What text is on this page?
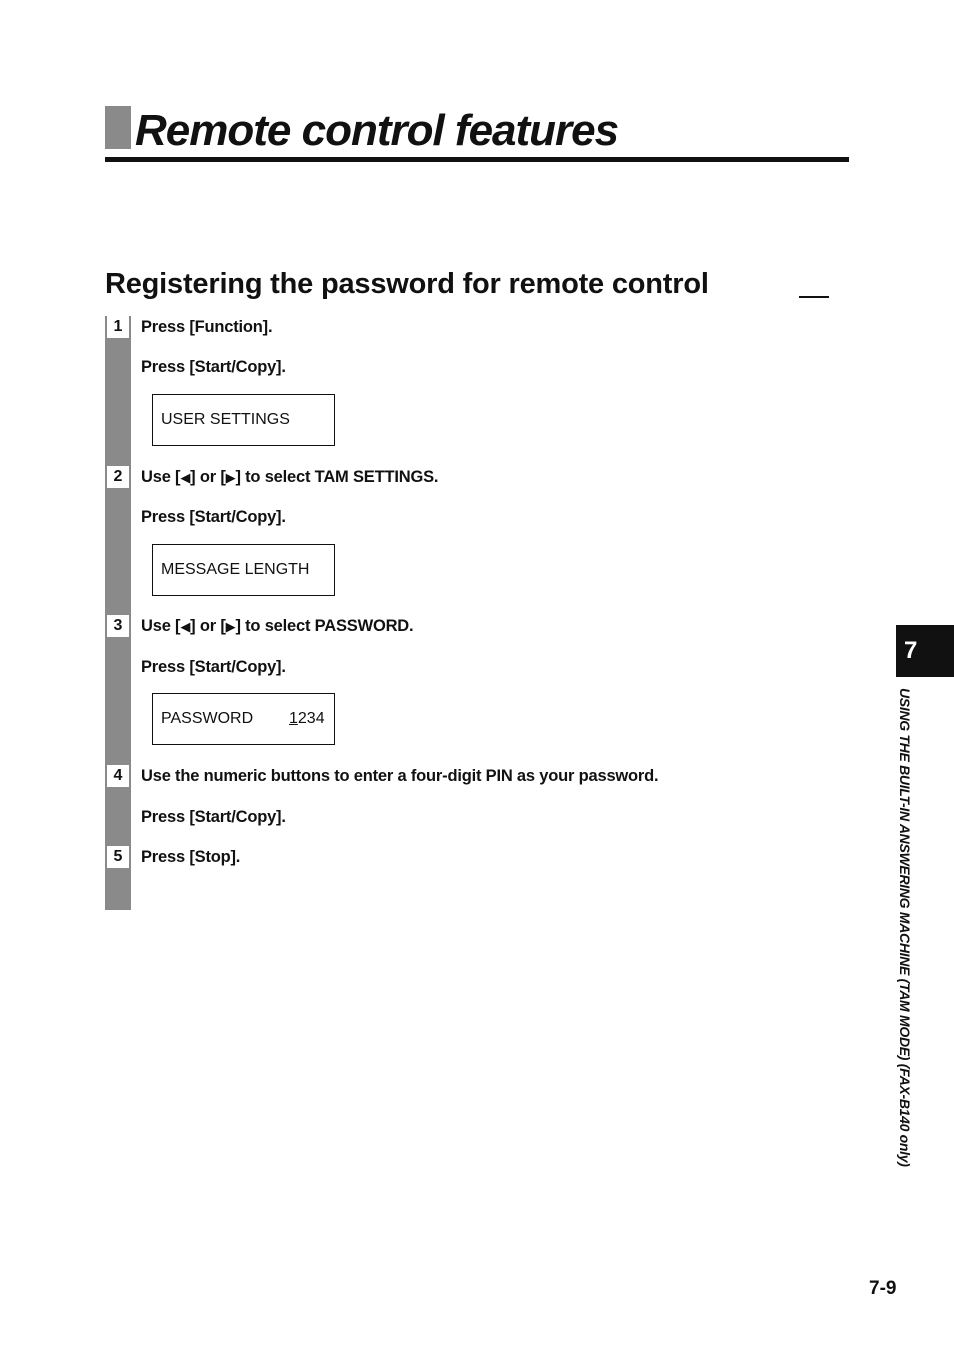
Remote control features
Registering the password for remote control
1	Press [Function].
Press [Start/Copy].
USER SETTINGS
2	Use [◀] or [▶] to select TAM SETTINGS.
Press [Start/Copy].
MESSAGE LENGTH
3	Use [◀] or [▶] to select PASSWORD.
Press [Start/Copy].
PASSWORD 1234
4	Use the numeric buttons to enter a four-digit PIN as your password.
Press [Start/Copy].
5	Press [Stop].
7
USING THE BUILT-IN ANSWERING MACHINE (TAM MODE) (FAX-B140 only)
7-9
